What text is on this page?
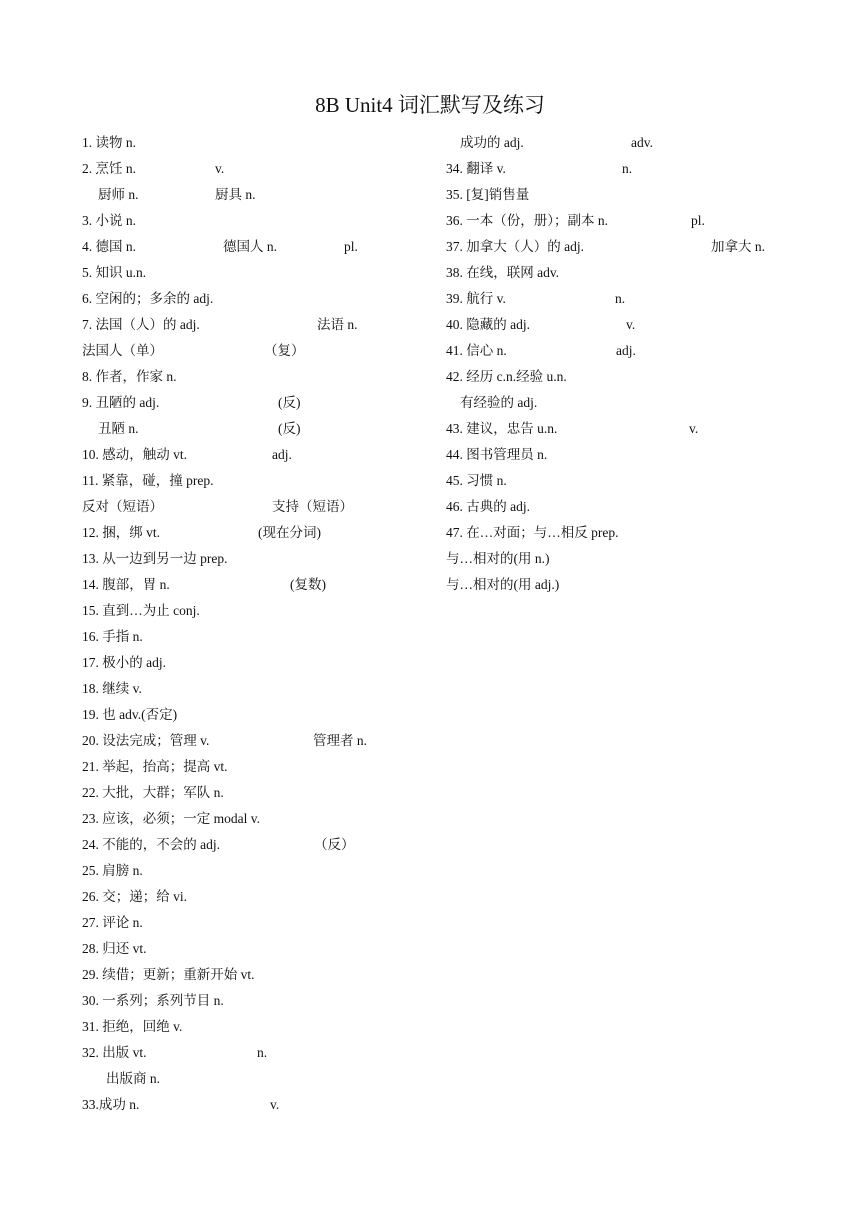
8B Unit4 词汇默写及练习
1. 读物 n.
2. 烹饪 n.	v.
厨师 n.	厨具 n.
3. 小说 n.
4. 德国 n.	德国人 n.	pl.
5. 知识 u.n.
6. 空闲的；多余的 adj.
7. 法国（人）的 adj.	法语 n.
法国人（单）	（复）
8. 作者，作家 n.
9. 丑陋的 adj.	(反)
丑陋 n.	(反)
10. 感动，触动 vt.	adj.
11. 紧靠，碰，撞 prep.
反对（短语）	支持（短语）
12. 捆，绑 vt.	(现在分词)
13. 从一边到另一边 prep.
14. 腹部，胃 n.	(复数)
15. 直到…为止 conj.
16. 手指 n.
17. 极小的 adj.
18. 继续 v.
19. 也 adv.(否定)
20. 设法完成；管理 v.	管理者 n.
21. 举起，抬高；提高 vt.
22. 大批，大群；军队 n.
23. 应该，必须；一定 modal v.
24. 不能的，不会的 adj.	（反）
25. 肩膀 n.
26. 交；递；给 vi.
27. 评论 n.
28. 归还 vt.
29. 续借；更新；重新开始 vt.
30. 一系列；系列节目 n.
31. 拒绝，回绝 v.
32. 出版 vt.	n.
出版商 n.
33.成功 n.	v.
成功的 adj.	adv.
34. 翻译 v.	n.
35. [复]销售量
36. 一本（份，册）；副本 n.	pl.
37. 加拿大（人）的 adj.	加拿大 n.
38. 在线，联网 adv.
39. 航行 v.	n.
40. 隐藏的 adj.	v.
41. 信心 n.	adj.
42. 经历 c.n.经验 u.n.
有经验的 adj.
43. 建议，忠告 u.n.	v.
44. 图书管理员 n.
45. 习惯 n.
46. 古典的 adj.
47. 在…对面；与…相反 prep.
与…相对的(用 n.)
与…相对的(用 adj.)
